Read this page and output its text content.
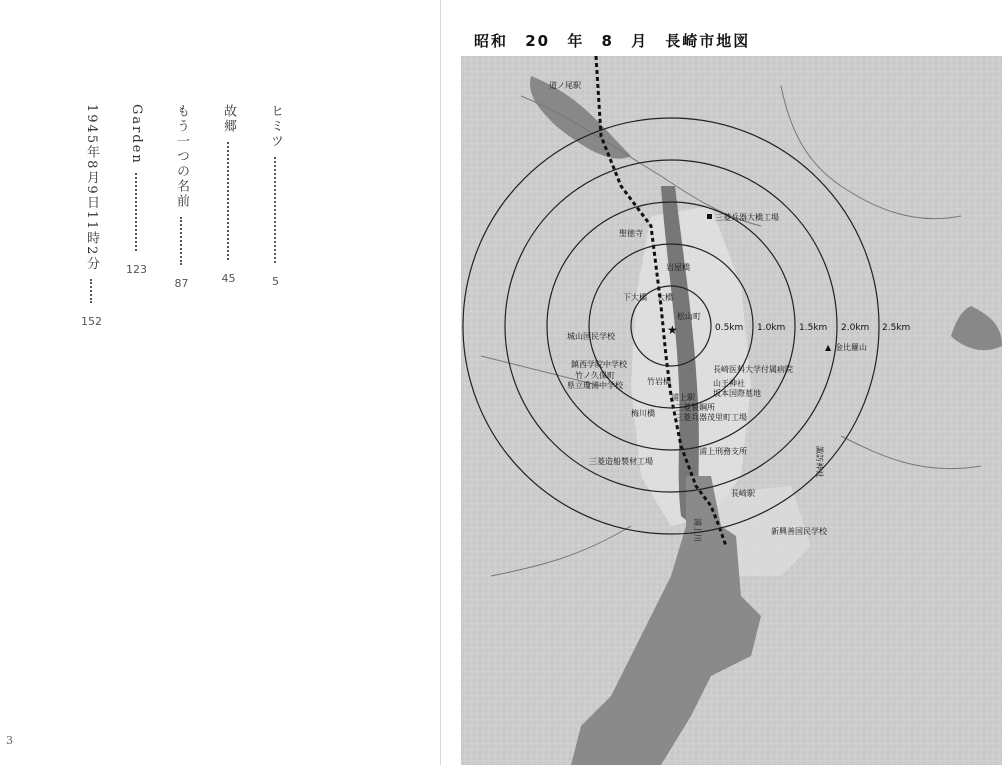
ヒミツ
5
故郷
45
もう一つの名前
87
Garden
123
1945年8月9日11時2分
152
3
昭和 20 年 8 月　長崎市地図
0.5km 1.0km 1.5km 2.0km 2.5km
★
松山町
道ノ尾駅
三菱兵器大橋工場
聖徳寺
岩屋橋
下大橋 大橋
城山国民学校
鎮西学院中学校
竹ノ久保町
県立瓊浦中学校	竹岩橋
浦上駅
三菱製鋼所
三菱兵器茂里町工場
梅川橋
長崎医科大学付属病院
山王神社
坂本国際墓地
▲ 金比羅山
浦上刑務支所
三菱造船製材工場	諏訪神社
長崎駅
新興善国民学校
浦上川
